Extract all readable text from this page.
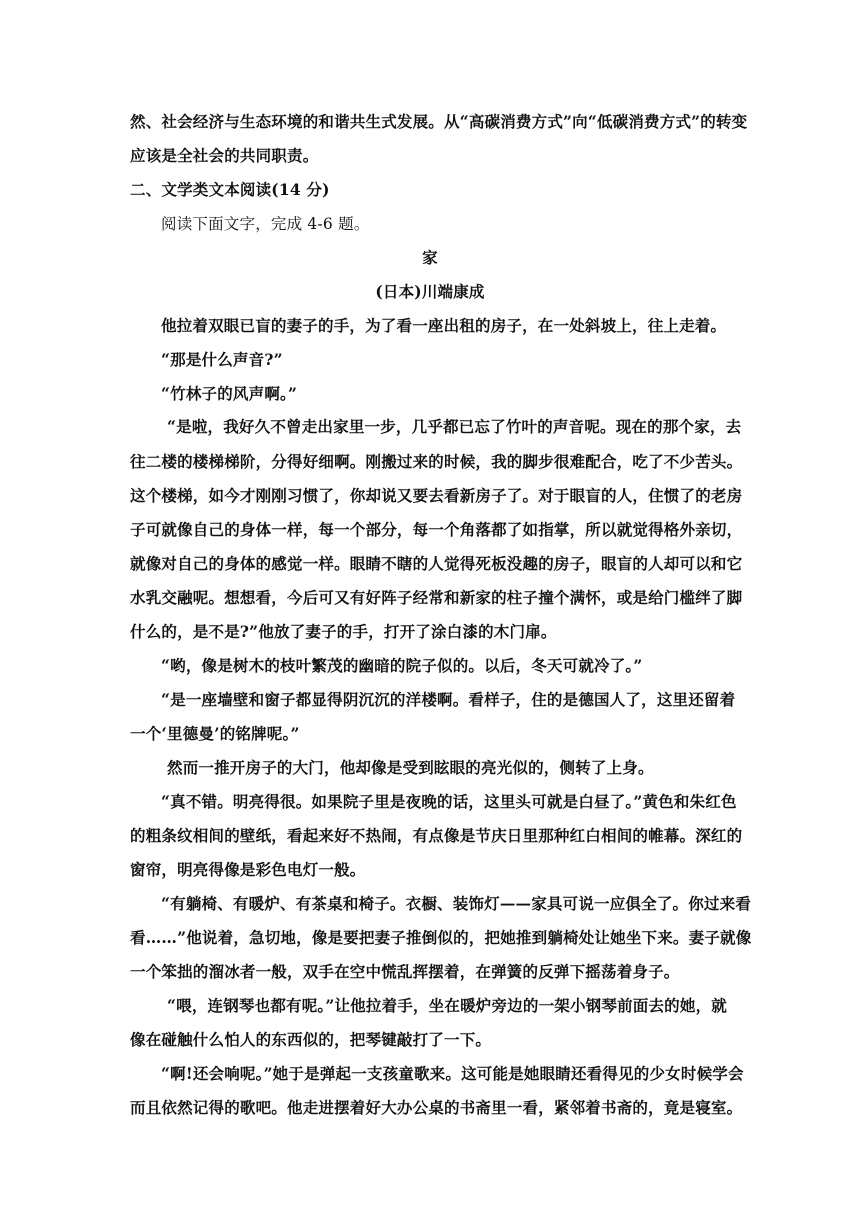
然、社会经济与生态环境的和谐共生式发展。从“高碳消费方式”向“低碳消费方式”的转变
应该是全社会的共同职责。
二、文学类文本阅读(14 分)
阅读下面文字，完成 4-6 题。
家
(日本)川端康成
他拉着双眼已盲的妻子的手，为了看一座出租的房子，在一处斜坡上，往上走着。
“那是什么声音?”
“竹林子的风声啊。”
“是啦，我好久不曾走出家里一步，几乎都已忘了竹叶的声音呢。现在的那个家，去
往二楼的楼梯梯阶，分得好细啊。刚搬过来的时候，我的脚步很难配合，吃了不少苦头。
这个楼梯，如今才刚刚习惯了，你却说又要去看新房子了。对于眼盲的人，住惯了的老房
子可就像自己的身体一样，每一个部分，每一个角落都了如指掌，所以就觉得格外亲切，
就像对自己的身体的感觉一样。眼睛不瞎的人觉得死板没趣的房子，眼盲的人却可以和它
水乳交融呢。想想看，今后可又有好阵子经常和新家的柱子撞个满怀，或是给门槛绊了脚
什么的，是不是?”他放了妻子的手，打开了涂白漆的木门扉。
“哟，像是树木的枝叶繁茂的幽暗的院子似的。以后，冬天可就冷了。”
“是一座墙壁和窗子都显得阴沉沉的洋楼啊。看样子，住的是德国人了，这里还留着
一个‘里德曼’的铭牌呢。”
然而一推开房子的大门，他却像是受到眩眼的亮光似的，侧转了上身。
“真不错。明亮得很。如果院子里是夜晚的话，这里头可就是白昼了。”黄色和朱红色
的粗条纹相间的壁纸，看起来好不热闹，有点像是节庆日里那种红白相间的帷幕。深红的
窗帘，明亮得像是彩色电灯一般。
“有躺椅、有暖炉、有茶桌和椅子。衣橱、装饰灯——家具可说一应俱全了。你过来看
看……”他说着，急切地，像是要把妻子推倒似的，把她推到躺椅处让她坐下来。妻子就像
一个笨拙的溜冰者一般，双手在空中慌乱挥摆着，在弹簧的反弹下摇荡着身子。
“喂，连钢琴也都有呢。”让他拉着手，坐在暖炉旁边的一架小钢琴前面去的她，就
像在碰触什么怕人的东西似的，把琴键敲打了一下。
“啊!还会响呢。”她于是弹起一支孩童歌来。这可能是她眼睛还看得见的少女时候学会
而且依然记得的歌吧。他走进摆着好大办公桌的书斋里一看，紧邻着书斋的，竟是寝室。
